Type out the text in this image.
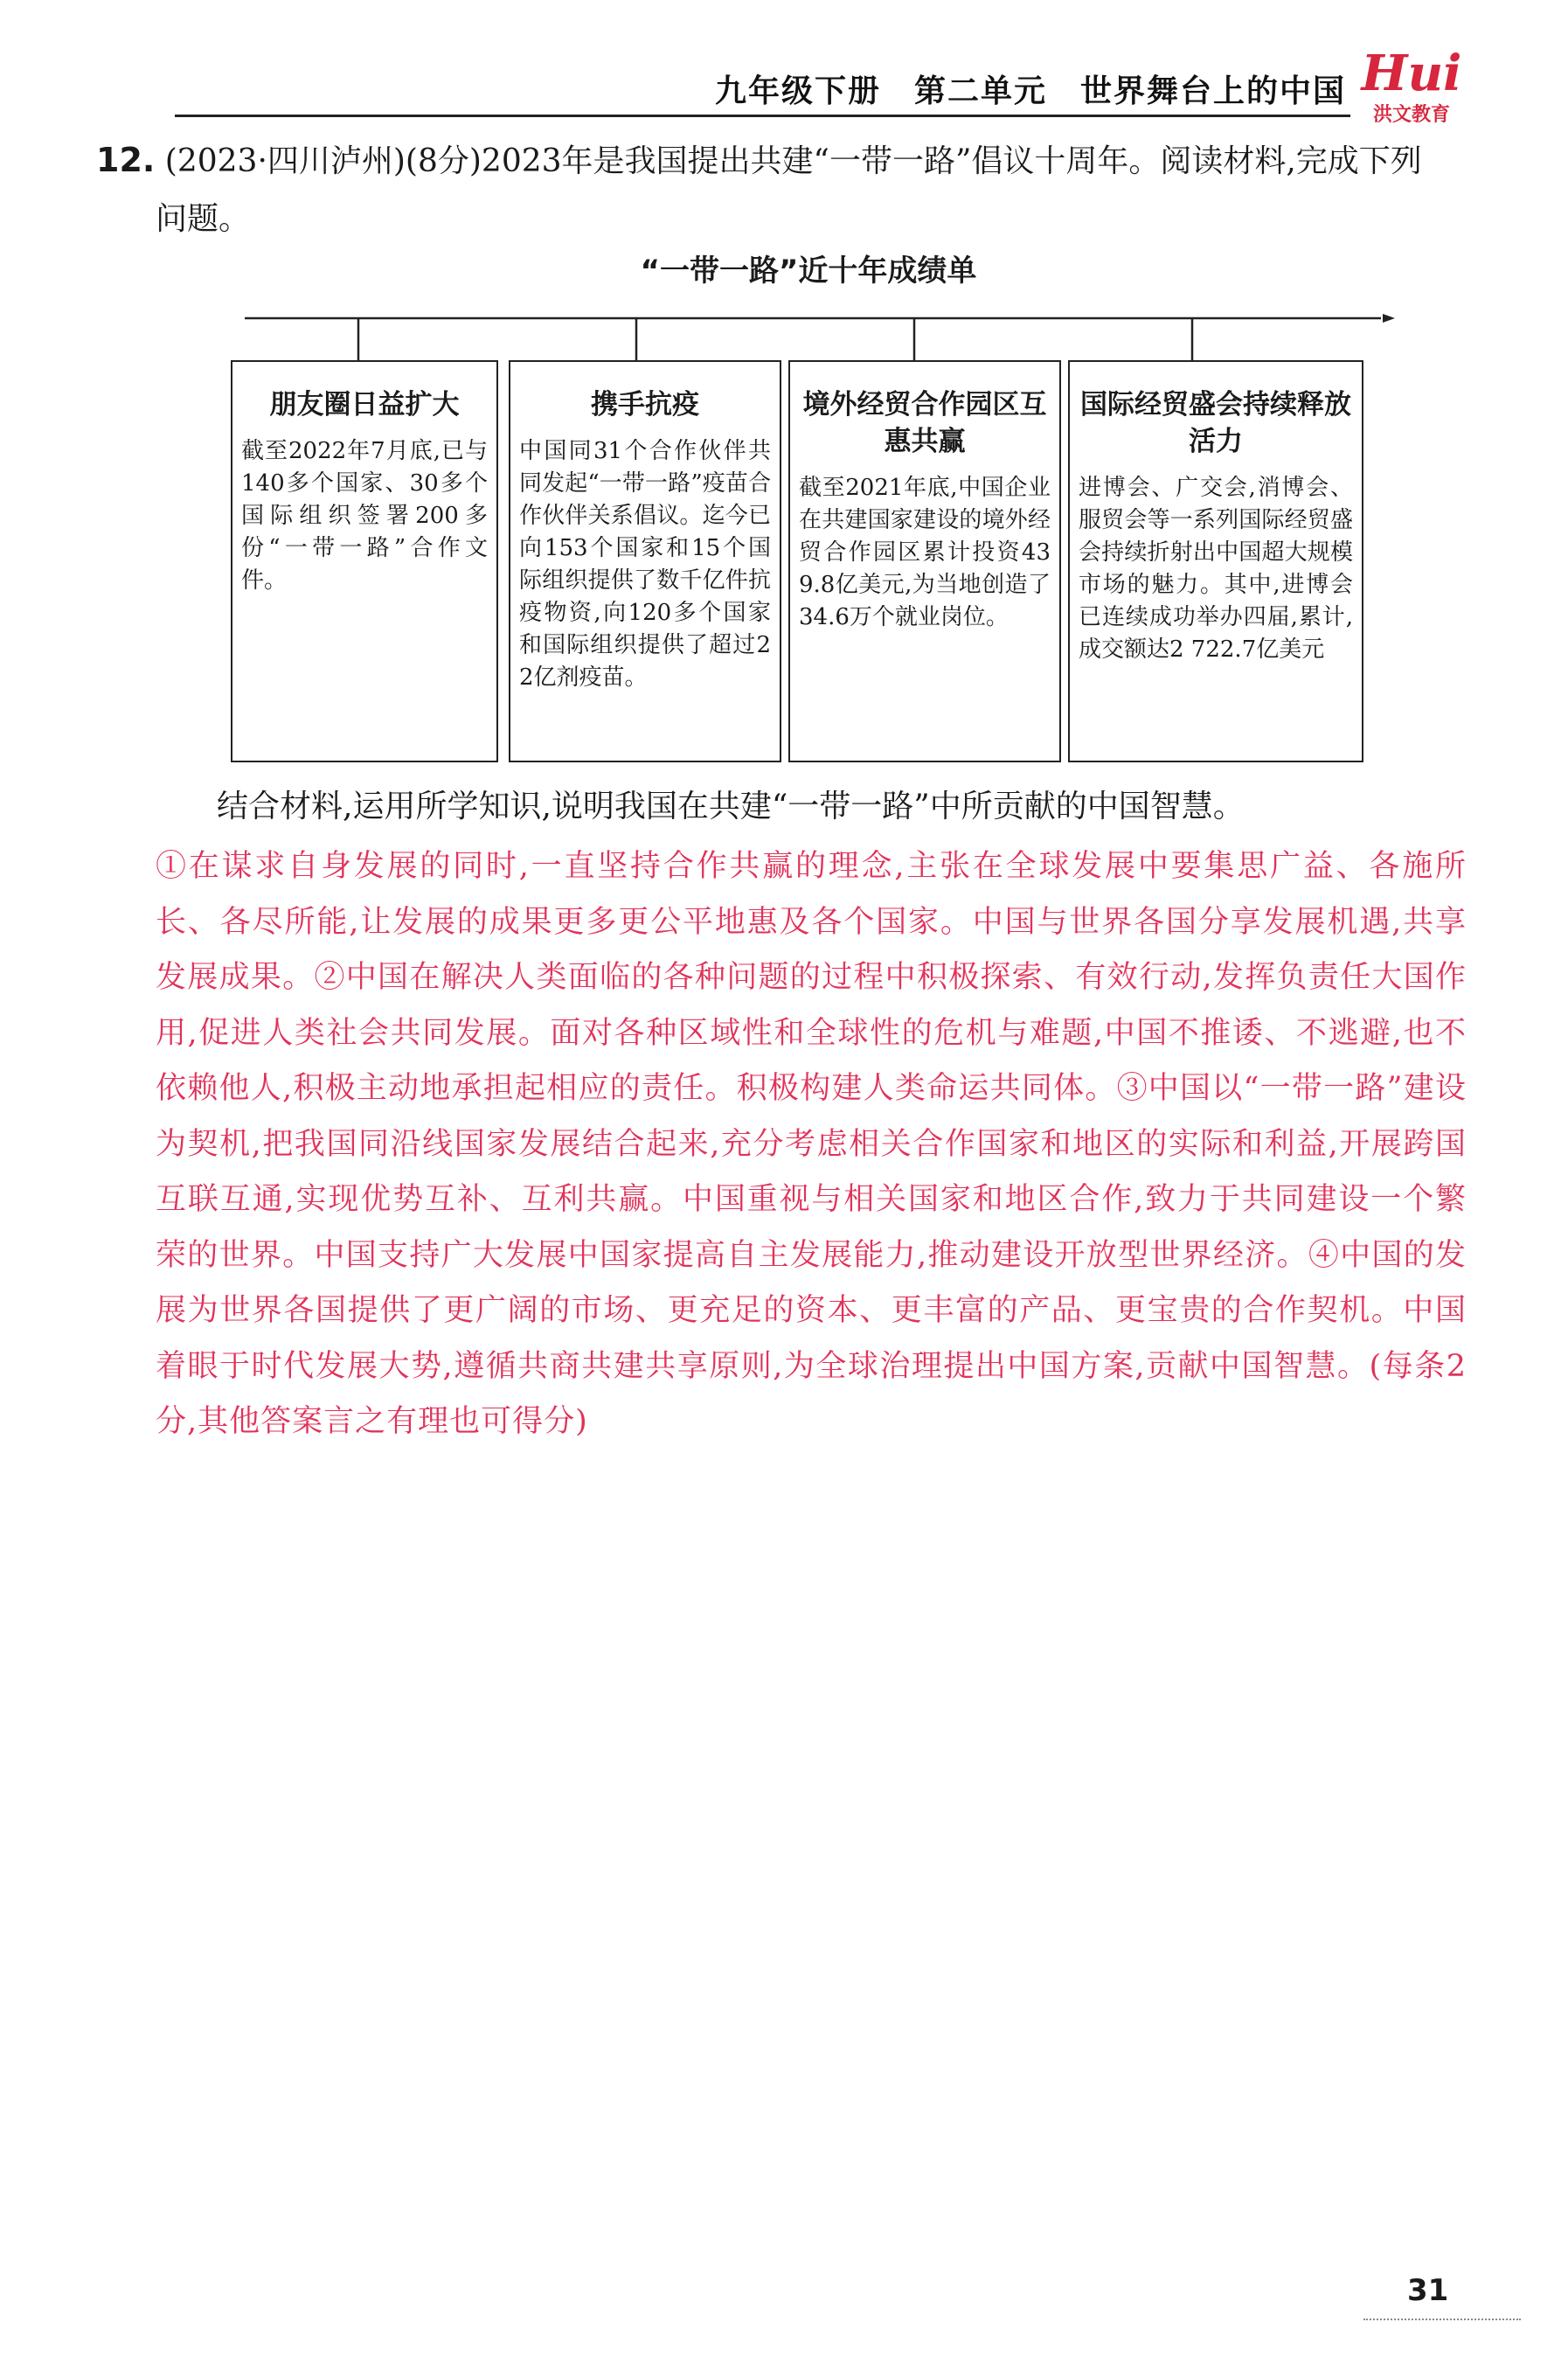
九年级下册　第二单元　世界舞台上的中国 Hui
洪文教育
12. (2023·四川泸州)(8分)2023年是我国提出共建“一带一路”倡议十周年。阅读材料,完成下列
问题。
“一带一路”近十年成绩单
朋友圈日益扩大
截至2022年7月底,已与140多个国家、30多个国际组织签署200多份“一带一路”合作文件。
携手抗疫
中国同31个合作伙伴共同发起“一带一路”疫苗合作伙伴关系倡议。迄今已向153个国家和15个国际组织提供了数千亿件抗疫物资,向120多个国家和国际组织提供了超过22亿剂疫苗。
境外经贸合作园区互惠共赢
截至2021年底,中国企业在共建国家建设的境外经贸合作园区累计投资439.8亿美元,为当地创造了34.6万个就业岗位。
国际经贸盛会持续释放活力
进博会、广交会,消博会、服贸会等一系列国际经贸盛会持续折射出中国超大规模市场的魅力。其中,进博会已连续成功举办四届,累计,成交额达2 722.7亿美元
结合材料,运用所学知识,说明我国在共建“一带一路”中所贡献的中国智慧。
①在谋求自身发展的同时,一直坚持合作共赢的理念,主张在全球发展中要集思广益、各施所长、各尽所能,让发展的成果更多更公平地惠及各个国家。中国与世界各国分享发展机遇,共享发展成果。②中国在解决人类面临的各种问题的过程中积极探索、有效行动,发挥负责任大国作用,促进人类社会共同发展。面对各种区域性和全球性的危机与难题,中国不推诿、不逃避,也不依赖他人,积极主动地承担起相应的责任。积极构建人类命运共同体。③中国以“一带一路”建设为契机,把我国同沿线国家发展结合起来,充分考虑相关合作国家和地区的实际和利益,开展跨国互联互通,实现优势互补、互利共赢。中国重视与相关国家和地区合作,致力于共同建设一个繁荣的世界。中国支持广大发展中国家提高自主发展能力,推动建设开放型世界经济。④中国的发展为世界各国提供了更广阔的市场、更充足的资本、更丰富的产品、更宝贵的合作契机。中国着眼于时代发展大势,遵循共商共建共享原则,为全球治理提出中国方案,贡献中国智慧。(每条2分,其他答案言之有理也可得分)
31
